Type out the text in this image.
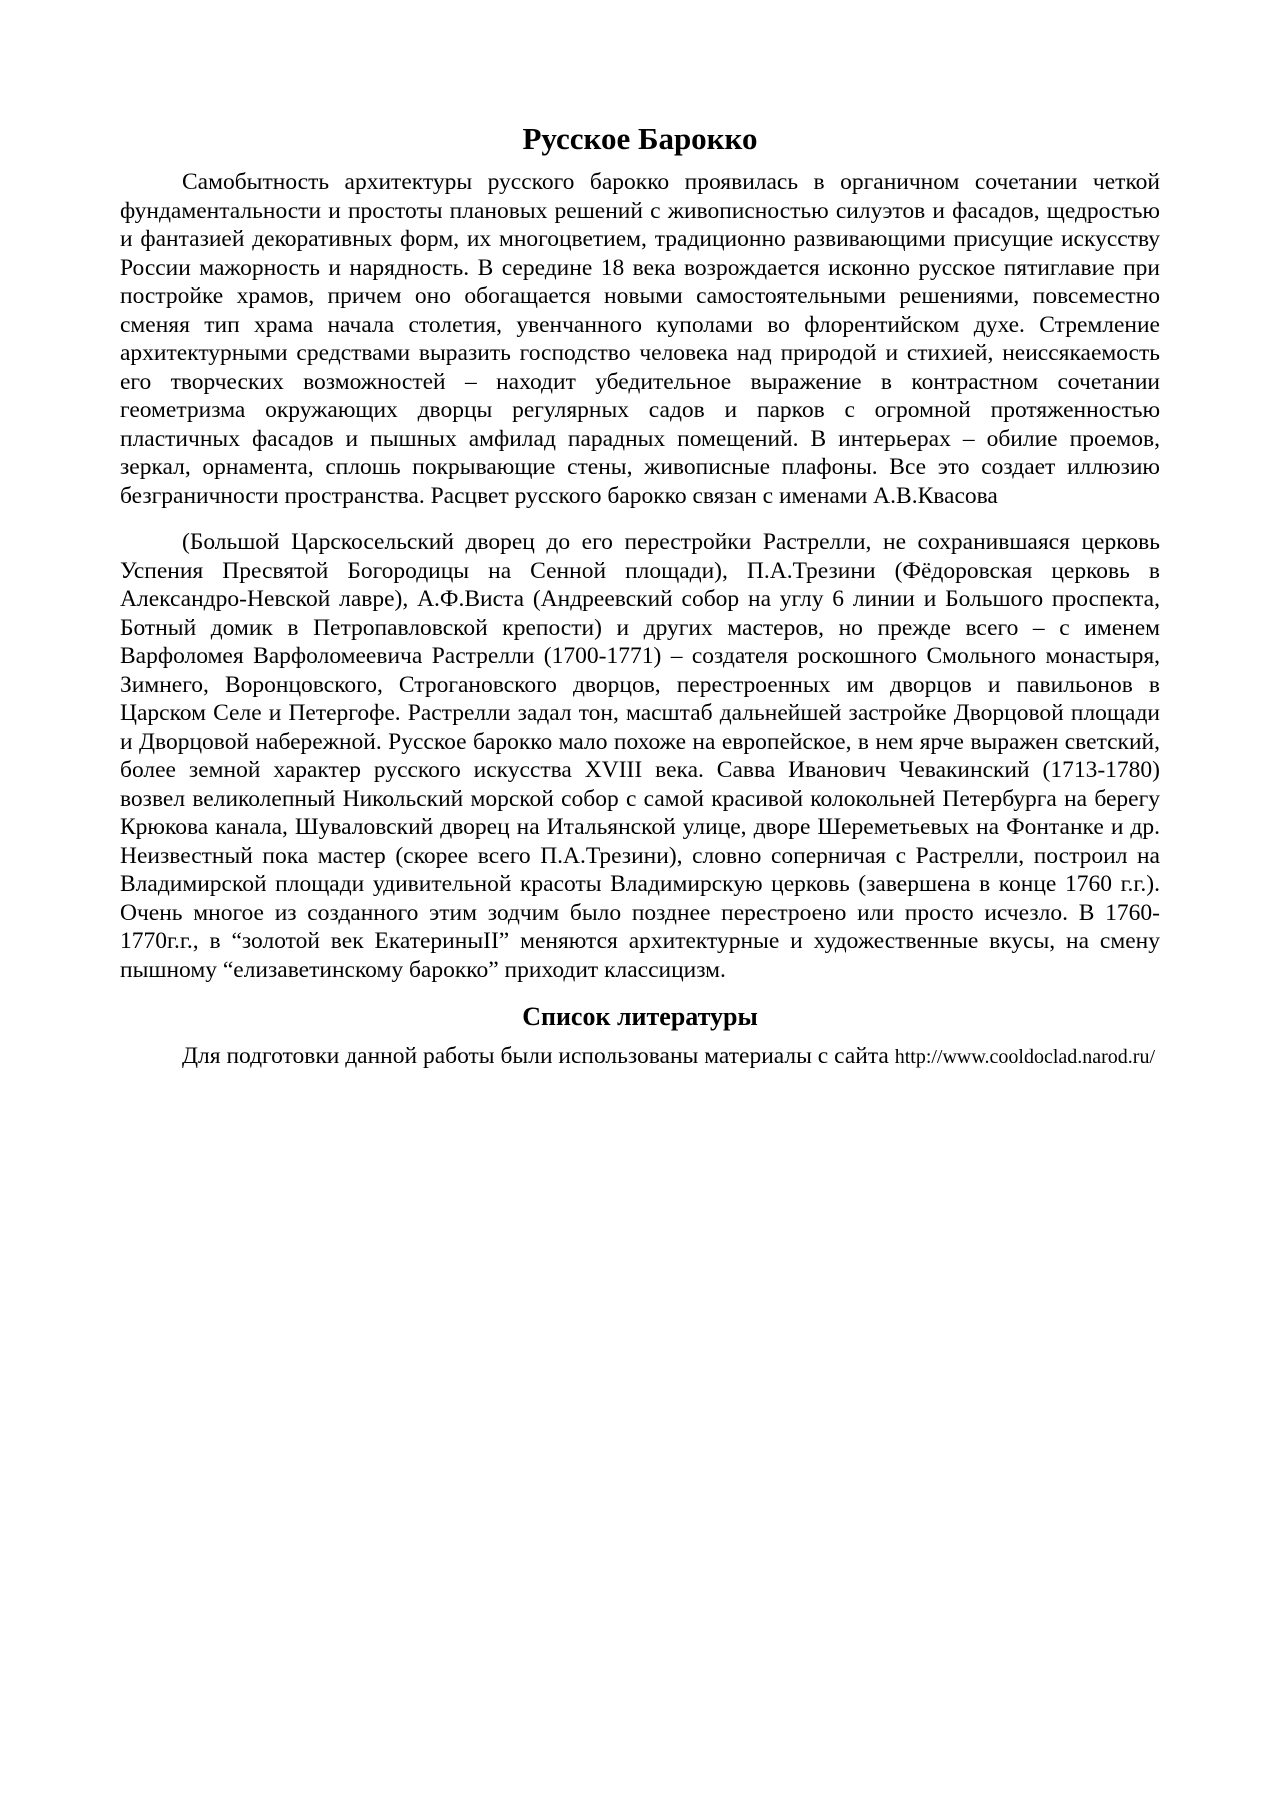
Русское Барокко

Самобытность архитектуры русского барокко проявилась в органичном сочетании четкой фундаментальности и простоты плановых решений с живописностью силуэтов и фасадов, щедростью и фантазией декоративных форм, их многоцветием, традиционно развивающими присущие искусству России мажорность и нарядность. В середине 18 века возрождается исконно русское пятиглавие при постройке храмов, причем оно обогащается новыми самостоятельными решениями, повсеместно сменяя тип храма начала столетия, увенчанного куполами во флорентийском духе. Стремление архитектурными средствами выразить господство человека над природой и стихией, неиссякаемость его творческих возможностей – находит убедительное выражение в контрастном сочетании геометризма окружающих дворцы регулярных садов и парков с огромной протяженностью пластичных фасадов и пышных амфилад парадных помещений. В интерьерах – обилие проемов, зеркал, орнамента, сплошь покрывающие стены, живописные плафоны. Все это создает иллюзию безграничности пространства. Расцвет русского барокко связан с именами А.В.Квасова

(Большой Царскосельский дворец до его перестройки Растрелли, не сохранившаяся церковь Успения Пресвятой Богородицы на Сенной площади), П.А.Трезини (Фёдоровская церковь в Александро-Невской лавре), А.Ф.Виста (Андреевский собор на углу 6 линии и Большого проспекта, Ботный домик в Петропавловской крепости) и других мастеров, но прежде всего – с именем Варфоломея Варфоломеевича Растрелли (1700-1771) – создателя роскошного Смольного монастыря, Зимнего, Воронцовского, Строгановского дворцов, перестроенных им дворцов и павильонов в Царском Селе и Петергофе. Растрелли задал тон, масштаб дальнейшей застройке Дворцовой площади и Дворцовой набережной. Русское барокко мало похоже на европейское, в нем ярче выражен светский, более земной характер русского искусства XVIII века. Савва Иванович Чевакинский (1713-1780) возвел великолепный Никольский морской собор с самой красивой колокольней Петербурга на берегу Крюкова канала, Шуваловский дворец на Итальянской улице, дворе Шереметьевых на Фонтанке и др. Неизвестный пока мастер (скорее всего П.А.Трезини), словно соперничая с Растрелли, построил на Владимирской площади удивительной красоты Владимирскую церковь (завершена в конце 1760 г.г.). Очень многое из созданного этим зодчим было позднее перестроено или просто исчезло. В 1760-1770г.г., в “золотой век ЕкатериныII” меняются архитектурные и художественные вкусы, на смену пышному “елизаветинскому барокко” приходит классицизм.

Список литературы

Для подготовки данной работы были использованы материалы с сайта http://www.cooldoclad.narod.ru/
